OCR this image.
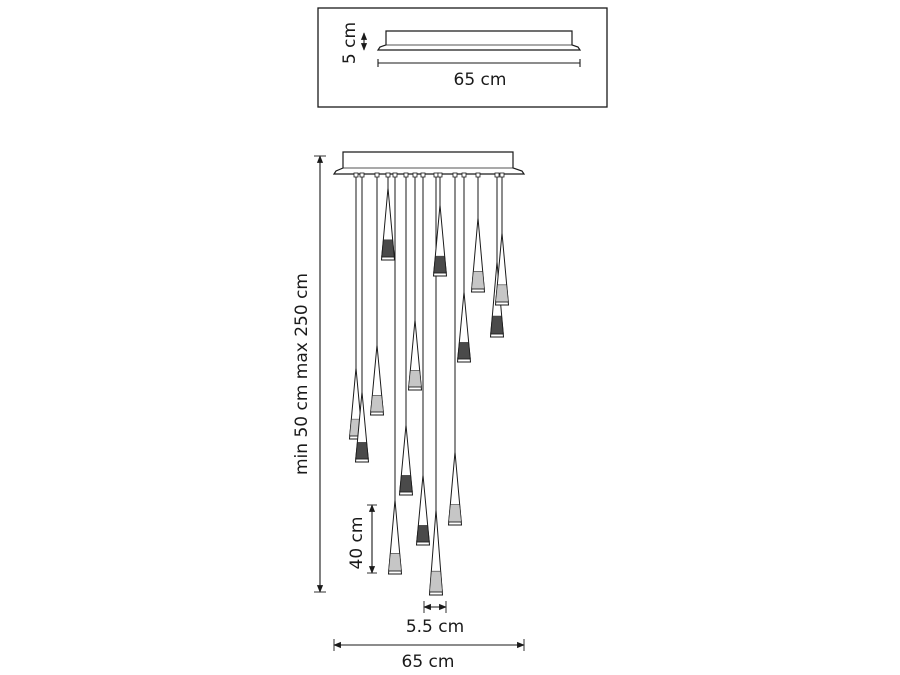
5 cm
65 cm
min 50 cm max 250 cm
40 cm
5.5 cm
65 cm
